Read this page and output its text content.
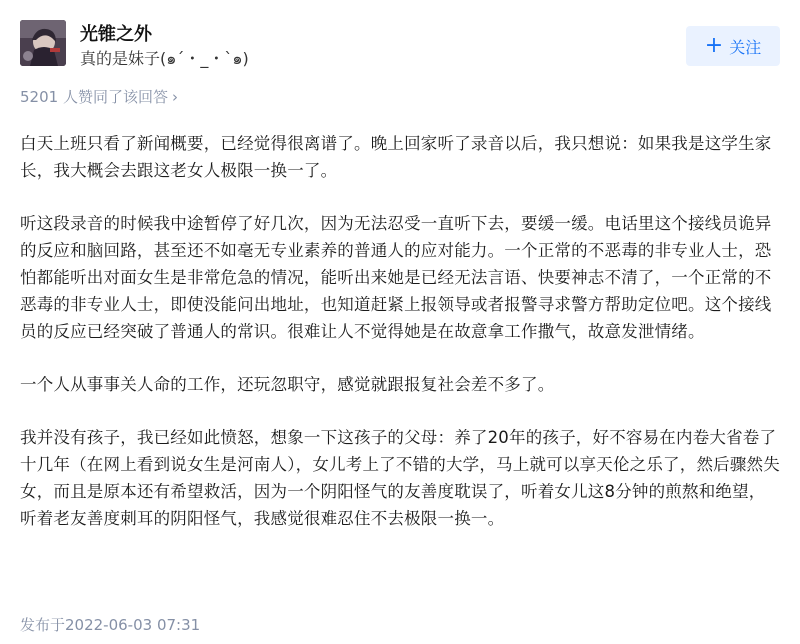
光锥之外
真的是妹子(๑´・_・`๑)
+ 关注
5201 人赞同了该回答 ›

白天上班只看了新闻概要，已经觉得很离谱了。晚上回家听了录音以后，我只想说：如果我是这学生家长，我大概会去跟这老女人极限一换一了。

听这段录音的时候我中途暂停了好几次，因为无法忍受一直听下去，要缓一缓。电话里这个接线员诡异的反应和脑回路，甚至还不如毫无专业素养的普通人的应对能力。一个正常的不恶毒的非专业人士，恐怕都能听出对面女生是非常危急的情况，能听出来她是已经无法言语、快要神志不清了，一个正常的不恶毒的非专业人士，即使没能问出地址，也知道赶紧上报领导或者报警寻求警方帮助定位吧。这个接线员的反应已经突破了普通人的常识。很难让人不觉得她是在故意拿工作撒气，故意发泄情绪。

一个人从事事关人命的工作，还玩忽职守，感觉就跟报复社会差不多了。

我并没有孩子，我已经如此愤怒，想象一下这孩子的父母：养了20年的孩子，好不容易在内卷大省卷了十几年（在网上看到说女生是河南人），女儿考上了不错的大学，马上就可以享天伦之乐了，然后骤然失女，而且是原本还有希望救活，因为一个阴阳怪气的友善度耽误了，听着女儿这8分钟的煎熬和绝望，听着老友善度刺耳的阴阳怪气，我感觉很难忍住不去极限一换一。

发布于2022-06-03 07:31
